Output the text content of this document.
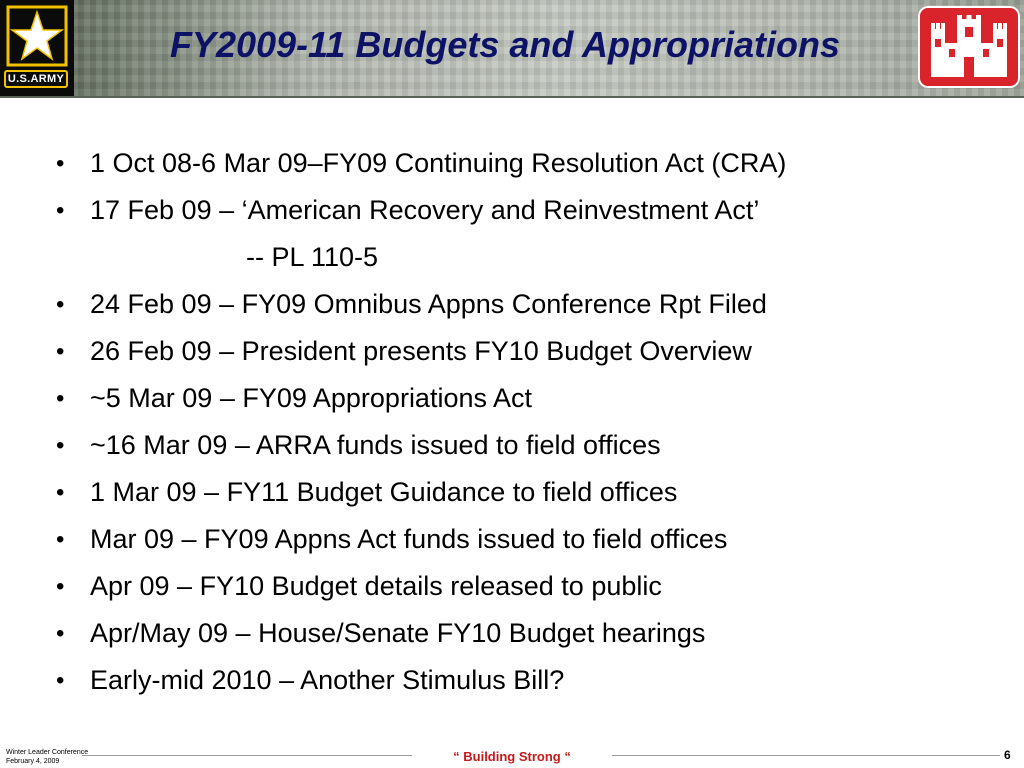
U.S.ARMY
FY2009-11 Budgets and Appropriations
• 1 Oct 08-6 Mar 09–FY09 Continuing Resolution Act (CRA)
• 17 Feb 09 – ‘American Recovery and Reinvestment Act’
-- PL 110-5
• 24 Feb 09 – FY09 Omnibus Appns Conference Rpt Filed
• 26 Feb 09 – President presents FY10 Budget Overview
• ~5 Mar 09 – FY09 Appropriations Act
• ~16 Mar 09 – ARRA funds issued to field offices
• 1 Mar 09 – FY11 Budget Guidance to field offices
• Mar 09 – FY09 Appns Act funds issued to field offices
• Apr 09 – FY10 Budget details released to public
• Apr/May 09 – House/Senate FY10 Budget hearings
• Early-mid 2010 – Another Stimulus Bill?
Winter Leader Conference
February 4, 2009	“ Building Strong “	6
